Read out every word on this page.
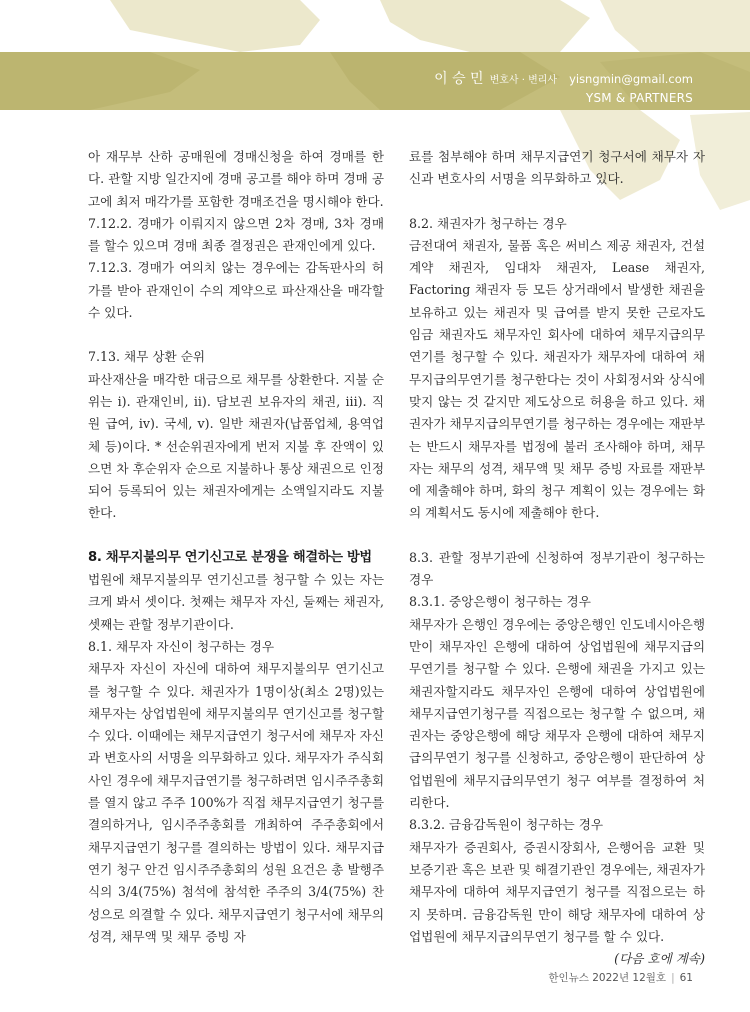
이 승 민 변호사 · 변리사 yisngmin@gmail.com
YSM & PARTNERS

아 재무부 산하 공매원에 경매신청을 하여 경매를 한다. 관할 지방 일간지에 경매 공고를 해야 하며 경매 공고에 최저 매각가를 포함한 경매조건을 명시해야 한다.

7.12.2. 경매가 이뤄지지 않으면 2차 경매, 3차 경매를 할수 있으며 경매 최종 결정권은 관재인에게 있다.

7.12.3. 경매가 여의치 않는 경우에는 감독판사의 허가를 받아 관재인이 수의 계약으로 파산재산을 매각할 수 있다.

7.13. 채무 상환 순위

파산재산을 매각한 대금으로 채무를 상환한다. 지불 순위는 i). 관재인비, ii). 담보권 보유자의 채권, iii). 직원 급여, iv). 국세, v). 일반 채권자(납품업체, 용역업체 등)이다. * 선순위권자에게 번저 지불 후 잔액이 있으면 차 후순위자 순으로 지불하나 통상 채권으로 인정되어 등록되어 있는 채권자에게는 소액일지라도 지불한다.

8. 채무지불의무 연기신고로 분쟁을 해결하는 방법

법원에 채무지불의무 연기신고를 청구할 수 있는 자는 크게 봐서 셋이다. 첫째는 채무자 자신, 둘째는 채권자, 셋째는 관할 정부기관이다.

8.1. 채무자 자신이 청구하는 경우

채무자 자신이 자신에 대하여 채무지불의무 연기신고를 청구할 수 있다. 채권자가 1명이상(최소 2명)있는 채무자는 상업법원에 채무지불의무 연기신고를 청구할 수 있다. 이때에는 채무지급연기 청구서에 채무자 자신과 변호사의 서명을 의무화하고 있다. 채무자가 주식회사인 경우에 채무지급연기를 청구하려면 임시주주총회를 열지 않고 주주 100%가 직접 채무지급연기 청구를 결의하거나, 임시주주총회를 개최하여 주주총회에서 채무지급연기 청구를 결의하는 방법이 있다. 채무지급연기 청구 안건 임시주주총회의 성원 요건은 총 발행주식의 3/4(75%) 첨석에 참석한 주주의 3/4(75%) 찬성으로 의결할 수 있다. 채무지급연기 청구서에 채무의 성격, 채무액 및 채무 증빙 자

료를 첨부해야 하며 채무지급연기 청구서에 채무자 자신과 변호사의 서명을 의무화하고 있다.

8.2. 채권자가 청구하는 경우

금전대여 채권자, 물품 혹은 써비스 제공 채권자, 건설계약 채권자, 임대차 채권자, Lease 채권자, Factoring 채권자 등 모든 상거래에서 발생한 채권을 보유하고 있는 채권자 및 급여를 받지 못한 근로자도 임금 채권자도 채무자인 회사에 대하여 채무지급의무연기를 청구할 수 있다. 채권자가 채무자에 대하여 채무지급의무연기를 청구한다는 것이 사회정서와 상식에 맞지 않는 것 같지만 제도상으로 허용을 하고 있다. 채권자가 채무지급의무연기를 청구하는 경우에는 재판부는 반드시 채무자를 법정에 불러 조사해야 하며, 채무자는 채무의 성격, 채무액 및 채무 증빙 자료를 재판부에 제출해야 하며, 화의 청구 계획이 있는 경우에는 화의 계획서도 동시에 제출해야 한다.

8.3. 관할 정부기관에 신청하여 정부기관이 청구하는 경우

8.3.1. 중앙은행이 청구하는 경우

채무자가 은행인 경우에는 중앙은행인 인도네시아은행만이 채무자인 은행에 대하여 상업법원에 채무지급의무연기를 청구할 수 있다. 은행에 채권을 가지고 있는 채권자할지라도 채무자인 은행에 대하여 상업법원에 채무지급연기청구를 직접으로는 청구할 수 없으며, 채권자는 중앙은행에 해당 채무자 은행에 대하여 채무지급의무연기 청구를 신청하고, 중앙은행이 판단하여 상업법원에 채무지급의무연기 청구 여부를 결정하여 처리한다.

8.3.2. 금융감독원이 청구하는 경우

채무자가 증권회사, 증권시장회사, 은행어음 교환 및 보증기관 혹은 보관 및 해결기관인 경우에는, 채권자가 채무자에 대하여 채무지급연기 청구를 직접으로는 하지 못하며. 금융감독원 만이 해당 채무자에 대하여 상업법원에 채무지급의무연기 청구를 할 수 있다.

(다음 호에 계속)

한인뉴스 2022년 12월호 | 61
